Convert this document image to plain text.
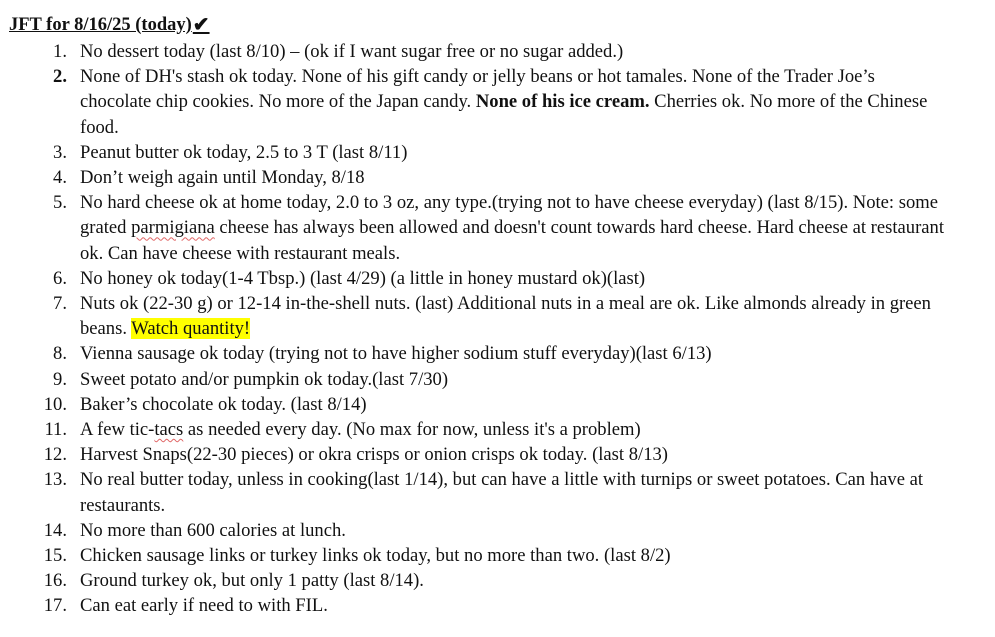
JFT for 8/16/25 (today) ✔
1. No dessert today (last 8/10) – (ok if I want sugar free or no sugar added.)
2. None of DH's stash ok today. None of his gift candy or jelly beans or hot tamales. None of the Trader Joe’s chocolate chip cookies. No more of the Japan candy. None of his ice cream. Cherries ok. No more of the Chinese food.
3. Peanut butter ok today, 2.5 to 3 T (last 8/11)
4. Don’t weigh again until Monday, 8/18
5. No hard cheese ok at home today, 2.0 to 3 oz, any type.(trying not to have cheese everyday) (last 8/15). Note: some grated parmigiana cheese has always been allowed and doesn't count towards hard cheese. Hard cheese at restaurant ok. Can have cheese with restaurant meals.
6. No honey ok today(1-4 Tbsp.) (last 4/29) (a little in honey mustard ok)(last)
7. Nuts ok (22-30 g) or 12-14 in-the-shell nuts. (last) Additional nuts in a meal are ok. Like almonds already in green beans. Watch quantity!
8. Vienna sausage ok today (trying not to have higher sodium stuff everyday)(last 6/13)
9. Sweet potato and/or pumpkin ok today.(last 7/30)
10. Baker’s chocolate ok today. (last 8/14)
11. A few tic-tacs as needed every day. (No max for now, unless it's a problem)
12. Harvest Snaps(22-30 pieces) or okra crisps or onion crisps ok today. (last 8/13)
13. No real butter today, unless in cooking(last 1/14), but can have a little with turnips or sweet potatoes. Can have at restaurants.
14. No more than 600 calories at lunch.
15. Chicken sausage links or turkey links ok today, but no more than two. (last 8/2)
16. Ground turkey ok, but only 1 patty (last 8/14).
17. Can eat early if need to with FIL.
